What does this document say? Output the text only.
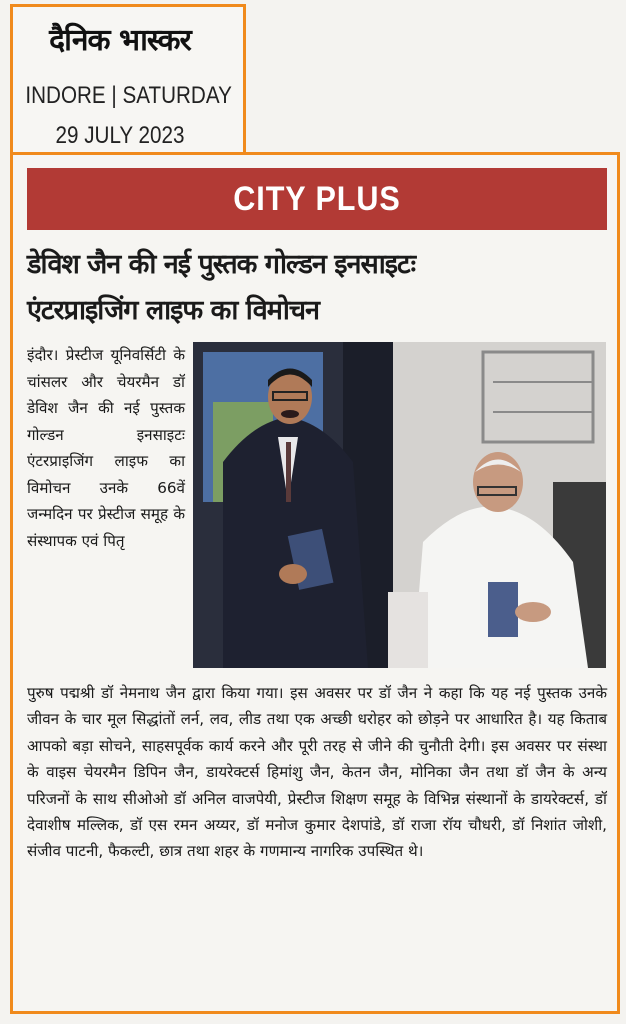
दैनिक भास्कर
INDORE | SATURDAY
29 JULY 2023
CITY PLUS
डेविश जैन की नई पुस्तक गोल्डन इनसाइटः
एंटरप्राइजिंग लाइफ का विमोचन
इंदौर। प्रेस्टीज यूनिवर्सिटी के चांसलर और चेयरमैन डॉ डेविश जैन की नई पुस्तक गोल्डन इनसाइटः एंटरप्राइजिंग लाइफ का विमोचन उनके 66वें जन्मदिन पर प्रेस्टीज समूह के संस्थापक एवं पितृ
पुरुष पद्मश्री डॉ नेमनाथ जैन द्वारा किया गया। इस अवसर पर डॉ जैन ने कहा कि यह नई पुस्तक उनके जीवन के चार मूल सिद्धांतों लर्न, लव, लीड तथा एक अच्छी धरोहर को छोड़ने पर आधारित है। यह किताब आपको बड़ा सोचने, साहसपूर्वक कार्य करने और पूरी तरह से जीने की चुनौती देगी। इस अवसर पर संस्था के वाइस चेयरमैन डिपिन जैन, डायरेक्टर्स हिमांशु जैन, केतन जैन, मोनिका जैन तथा डॉ जैन के अन्य परिजनों के साथ सीओओ डॉ अनिल वाजपेयी, प्रेस्टीज शिक्षण समूह के विभिन्न संस्थानों के डायरेक्टर्स, डॉ देवाशीष मल्लिक, डॉ एस रमन अय्यर, डॉ मनोज कुमार देशपांडे, डॉ राजा रॉय चौधरी, डॉ निशांत जोशी, संजीव पाटनी, फैकल्टी, छात्र तथा शहर के गणमान्य नागरिक उपस्थित थे।
